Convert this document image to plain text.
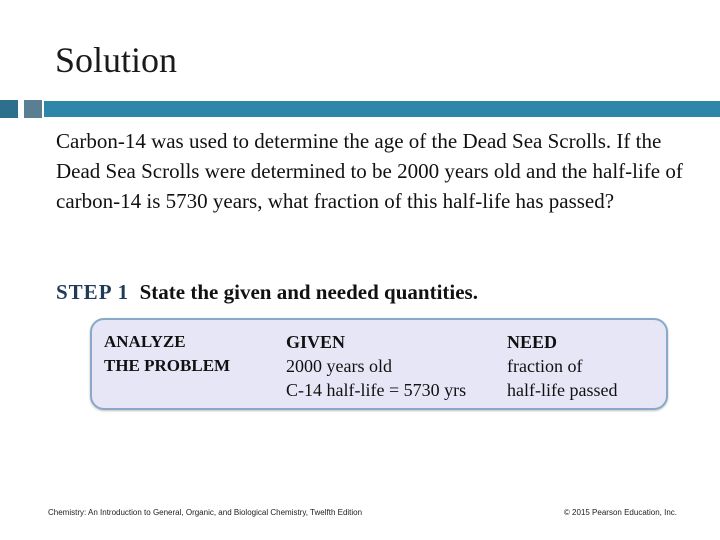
Solution

Carbon-14 was used to determine the age of the Dead Sea Scrolls. If the Dead Sea Scrolls were determined to be 2000 years old and the half-life of carbon-14 is 5730 years, what fraction of this half-life has passed?

STEP 1 State the given and needed quantities.
ANALYZE
THE PROBLEM
GIVEN
2000 years old
C-14 half-life = 5730 yrs
NEED
fraction of
half-life passed
Chemistry: An Introduction to General, Organic, and Biological Chemistry, Twelfth Edition	© 2015 Pearson Education, Inc.
